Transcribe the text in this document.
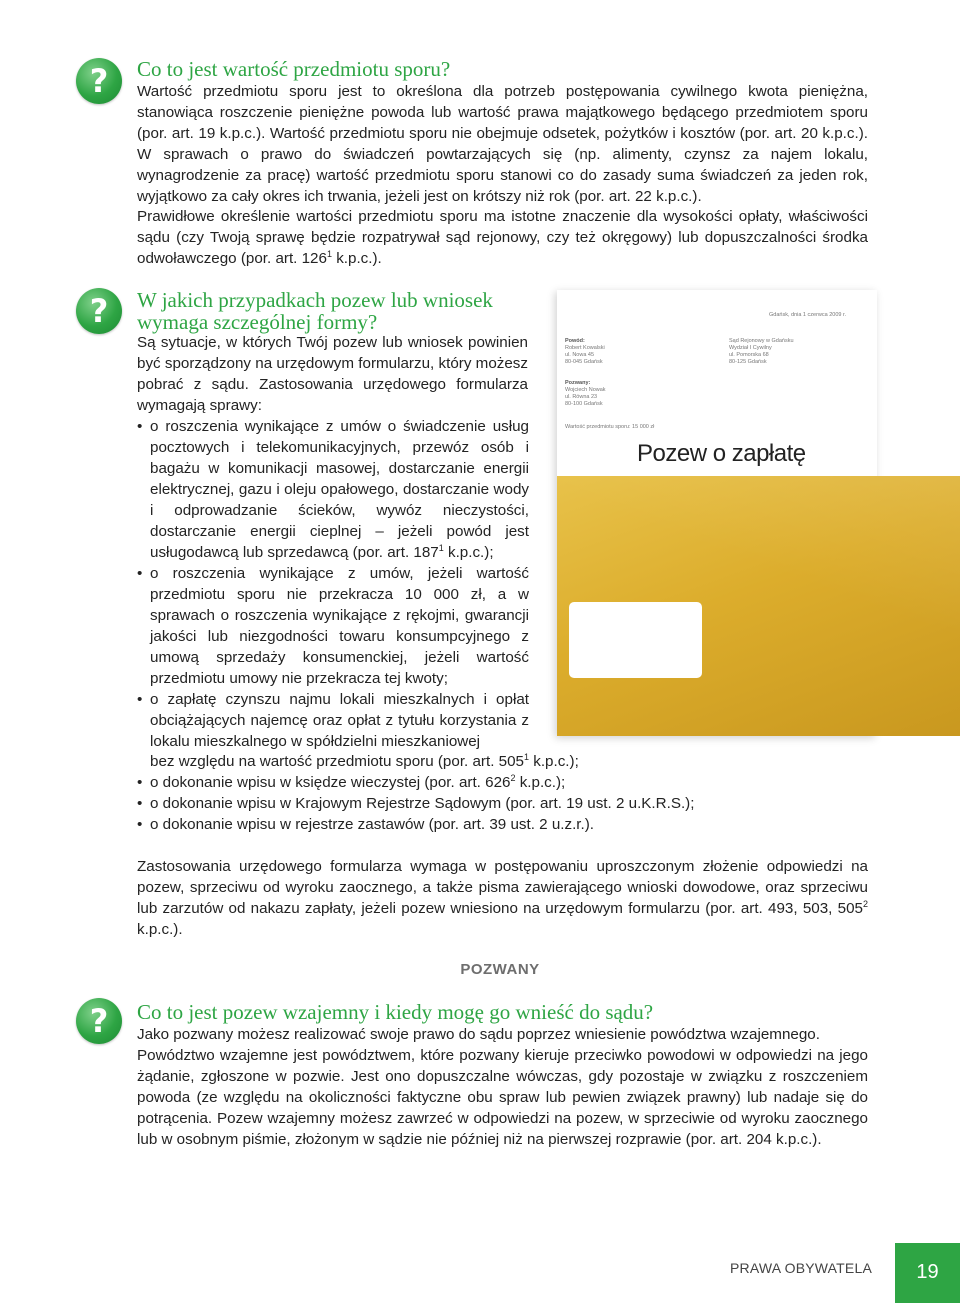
?	Co to jest wartość przedmiotu sporu?

Wartość przedmiotu sporu jest to określona dla potrzeb postępowania cywilnego kwota pieniężna, stanowiąca roszczenie pieniężne powoda lub wartość prawa majątkowego będącego przedmiotem sporu (por. art. 19 k.p.c.). Wartość przedmiotu sporu nie obejmuje odsetek, pożytków i kosztów (por. art. 20 k.p.c.). W sprawach o prawo do świadczeń powtarzających się (np. alimenty, czynsz za najem lokalu, wynagrodzenie za pracę) wartość przedmiotu sporu stanowi co do zasady suma świadczeń za jeden rok, wyjątkowo za cały okres ich trwania, jeżeli jest on krótszy niż rok (por. art. 22 k.p.c.).

Prawidłowe określenie wartości przedmiotu sporu ma istotne znaczenie dla wysokości opłaty, właściwości sądu (czy Twoją sprawę będzie rozpatrywał sąd rejonowy, czy też okręgowy) lub dopuszczalności środka odwoławczego (por. art. $126^1$ k.p.c.).

?	W jakich przypadkach pozew lub wniosek
wymaga szczególnej formy?

Są sytuacje, w których Twój pozew lub wniosek powinien być sporządzony na urzędowym formularzu, który możesz pobrać z sądu. Zastosowania urzędowego formularza wymagają sprawy:

• o roszczenia wynikające z umów o świadczenie usług pocztowych i telekomunikacyjnych, przewóz osób i bagażu w komunikacji masowej, dostarczanie energii elektrycznej, gazu i oleju opałowego, dostarczanie wody i odprowadzanie ścieków, wywóz nieczystości, dostarczanie energii cieplnej – jeżeli powód jest usługodawcą lub sprzedawcą (por. art. $187^1$ k.p.c.);
• o roszczenia wynikające z umów, jeżeli wartość przedmiotu sporu nie przekracza 10 000 zł, a w sprawach o roszczenia wynikające z rękojmi, gwarancji jakości lub niezgodności towaru konsumpcyjnego z umową sprzedaży konsumenckiej, jeżeli wartość przedmiotu umowy nie przekracza tej kwoty;
• o zapłatę czynszu najmu lokali mieszkalnych i opłat obciążających najemcę oraz opłat z tytułu korzystania z lokalu mieszkalnego w spółdzielni mieszkaniowej

bez względu na wartość przedmiotu sporu (por. art. $505^1$ k.p.c.);

• o dokonanie wpisu w księdze wieczystej (por. art. $626^2$ k.p.c.);
• o dokonanie wpisu w Krajowym Rejestrze Sądowym (por. art. 19 ust. 2 u.K.R.S.);
• o dokonanie wpisu w rejestrze zastawów (por. art. 39 ust. 2 u.z.r.).

Zastosowania urzędowego formularza wymaga w postępowaniu uproszczonym złożenie odpowiedzi na pozew, sprzeciwu od wyroku zaocznego, a także pisma zawierającego wnioski dowodowe, oraz sprzeciwu lub zarzutów od nakazu zapłaty, jeżeli pozew wniesiono na urzędowym formularzu (por. art. 493, 503, $505^2$ k.p.c.).

Gdańsk, dnia 1 czerwca 2009 r.
Powód:
Robert Kowalski
ul. Nowa 45
80-045 Gdańsk
Sąd Rejonowy w Gdańsku
Wydział I Cywilny
ul. Pomorska 68
80-125 Gdańsk
Pozwany:
Wojciech Nowak
ul. Równa 23
80-100 Gdańsk
Wartość przedmiotu sporu: 15 000 zł
Pozew o zapłatę
POZWANY
?	Co to jest pozew wzajemny i kiedy mogę go wnieść do sądu?

Jako pozwany możesz realizować swoje prawo do sądu poprzez wniesienie powództwa wzajemnego.

Powództwo wzajemne jest powództwem, które pozwany kieruje przeciwko powodowi w odpowiedzi na jego żądanie, zgłoszone w pozwie. Jest ono dopuszczalne wówczas, gdy pozostaje w związku z roszczeniem powoda (ze względu na okoliczności faktyczne obu spraw lub pewien związek prawny) lub nadaje się do potrącenia. Pozew wzajemny możesz zawrzeć w odpowiedzi na pozew, w sprzeciwie od wyroku zaocznego lub w osobnym piśmie, złożonym w sądzie nie później niż na pierwszej rozprawie (por. art. 204 k.p.c.).

PRAWA OBYWATELA	19
